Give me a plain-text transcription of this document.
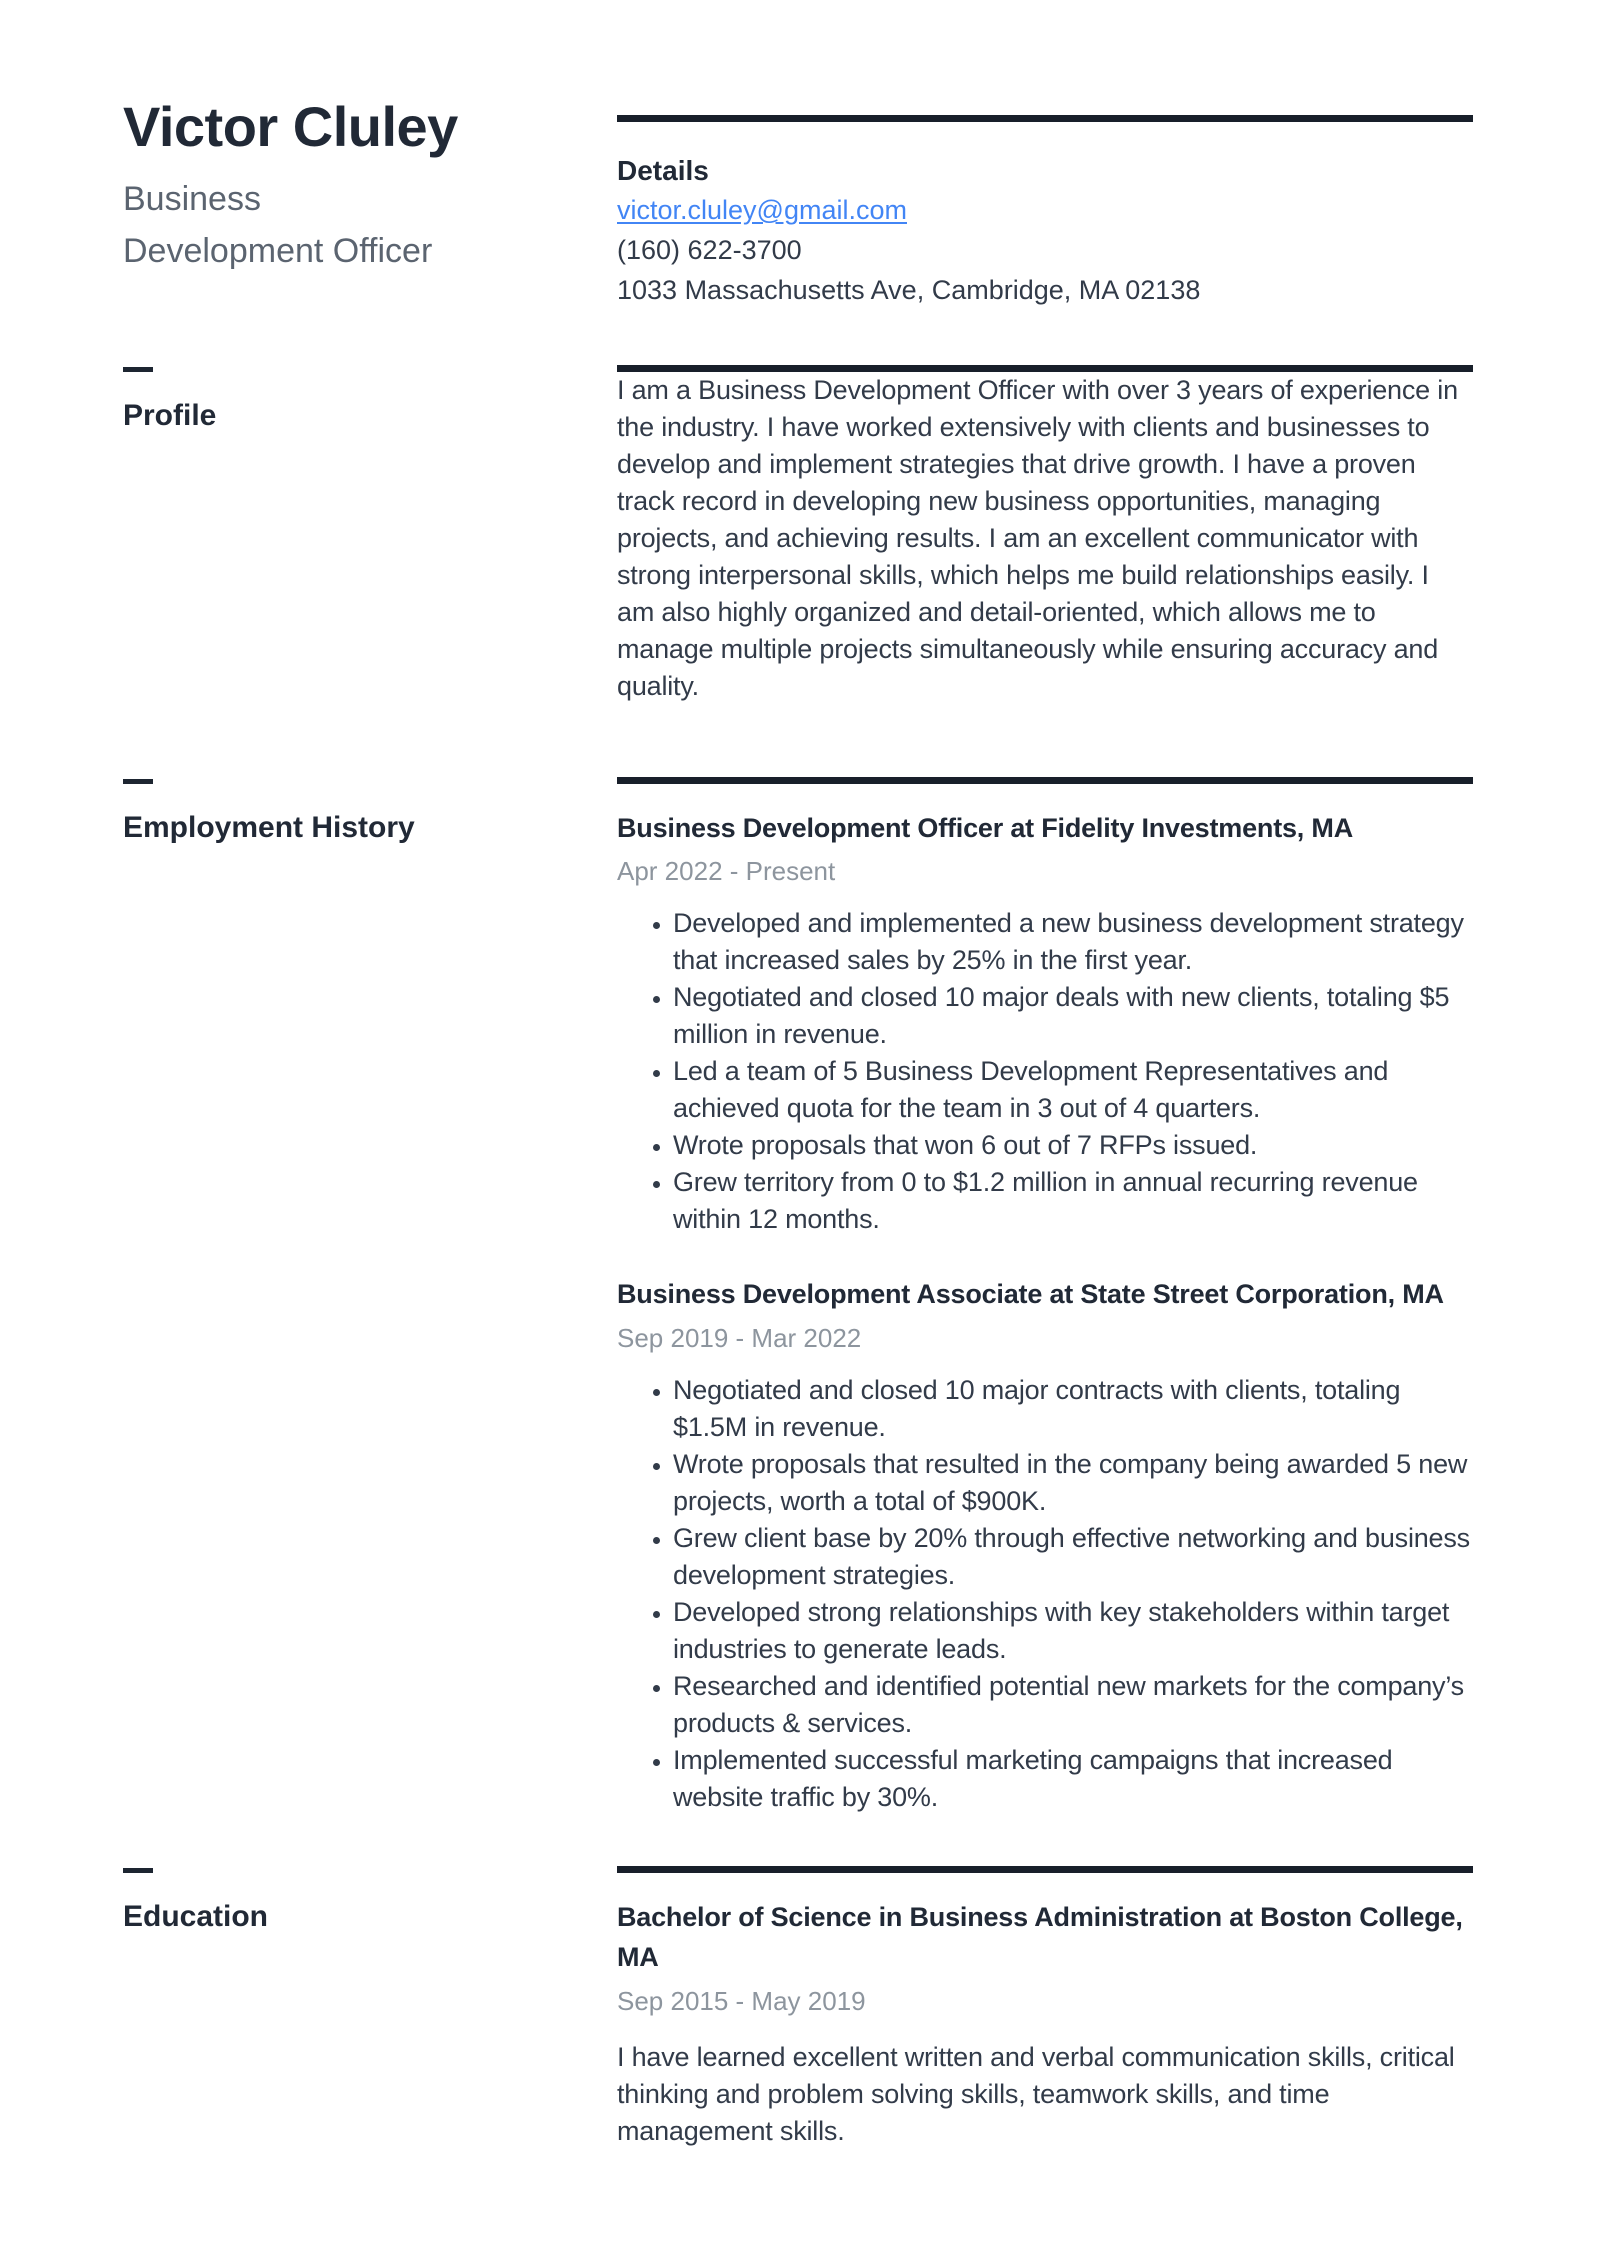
Victor Cluley
Business Development Officer
Details
victor.cluley@gmail.com
(160) 622-3700
1033 Massachusetts Ave, Cambridge, MA 02138
Profile

I am a Business Development Officer with over 3 years of experience in the industry. I have worked extensively with clients and businesses to develop and implement strategies that drive growth. I have a proven track record in developing new business opportunities, managing projects, and achieving results. I am an excellent communicator with strong interpersonal skills, which helps me build relationships easily. I am also highly organized and detail-oriented, which allows me to manage multiple projects simultaneously while ensuring accuracy and quality.

Employment History	Business Development Officer at Fidelity Investments, MA
Apr 2022 - Present
• Developed and implemented a new business development strategy that increased sales by 25% in the first year.
• Negotiated and closed 10 major deals with new clients, totaling $5 million in revenue.
• Led a team of 5 Business Development Representatives and achieved quota for the team in 3 out of 4 quarters.
• Wrote proposals that won 6 out of 7 RFPs issued.
• Grew territory from 0 to $1.2 million in annual recurring revenue within 12 months.
Business Development Associate at State Street Corporation, MA
Sep 2019 - Mar 2022
• Negotiated and closed 10 major contracts with clients, totaling $1.5M in revenue.
• Wrote proposals that resulted in the company being awarded 5 new projects, worth a total of $900K.
• Grew client base by 20% through effective networking and business development strategies.
• Developed strong relationships with key stakeholders within target industries to generate leads.
• Researched and identified potential new markets for the company’s products & services.
• Implemented successful marketing campaigns that increased website traffic by 30%.
Education	Bachelor of Science in Business Administration at Boston College, MA
Sep 2015 - May 2019

I have learned excellent written and verbal communication skills, critical thinking and problem solving skills, teamwork skills, and time management skills.
